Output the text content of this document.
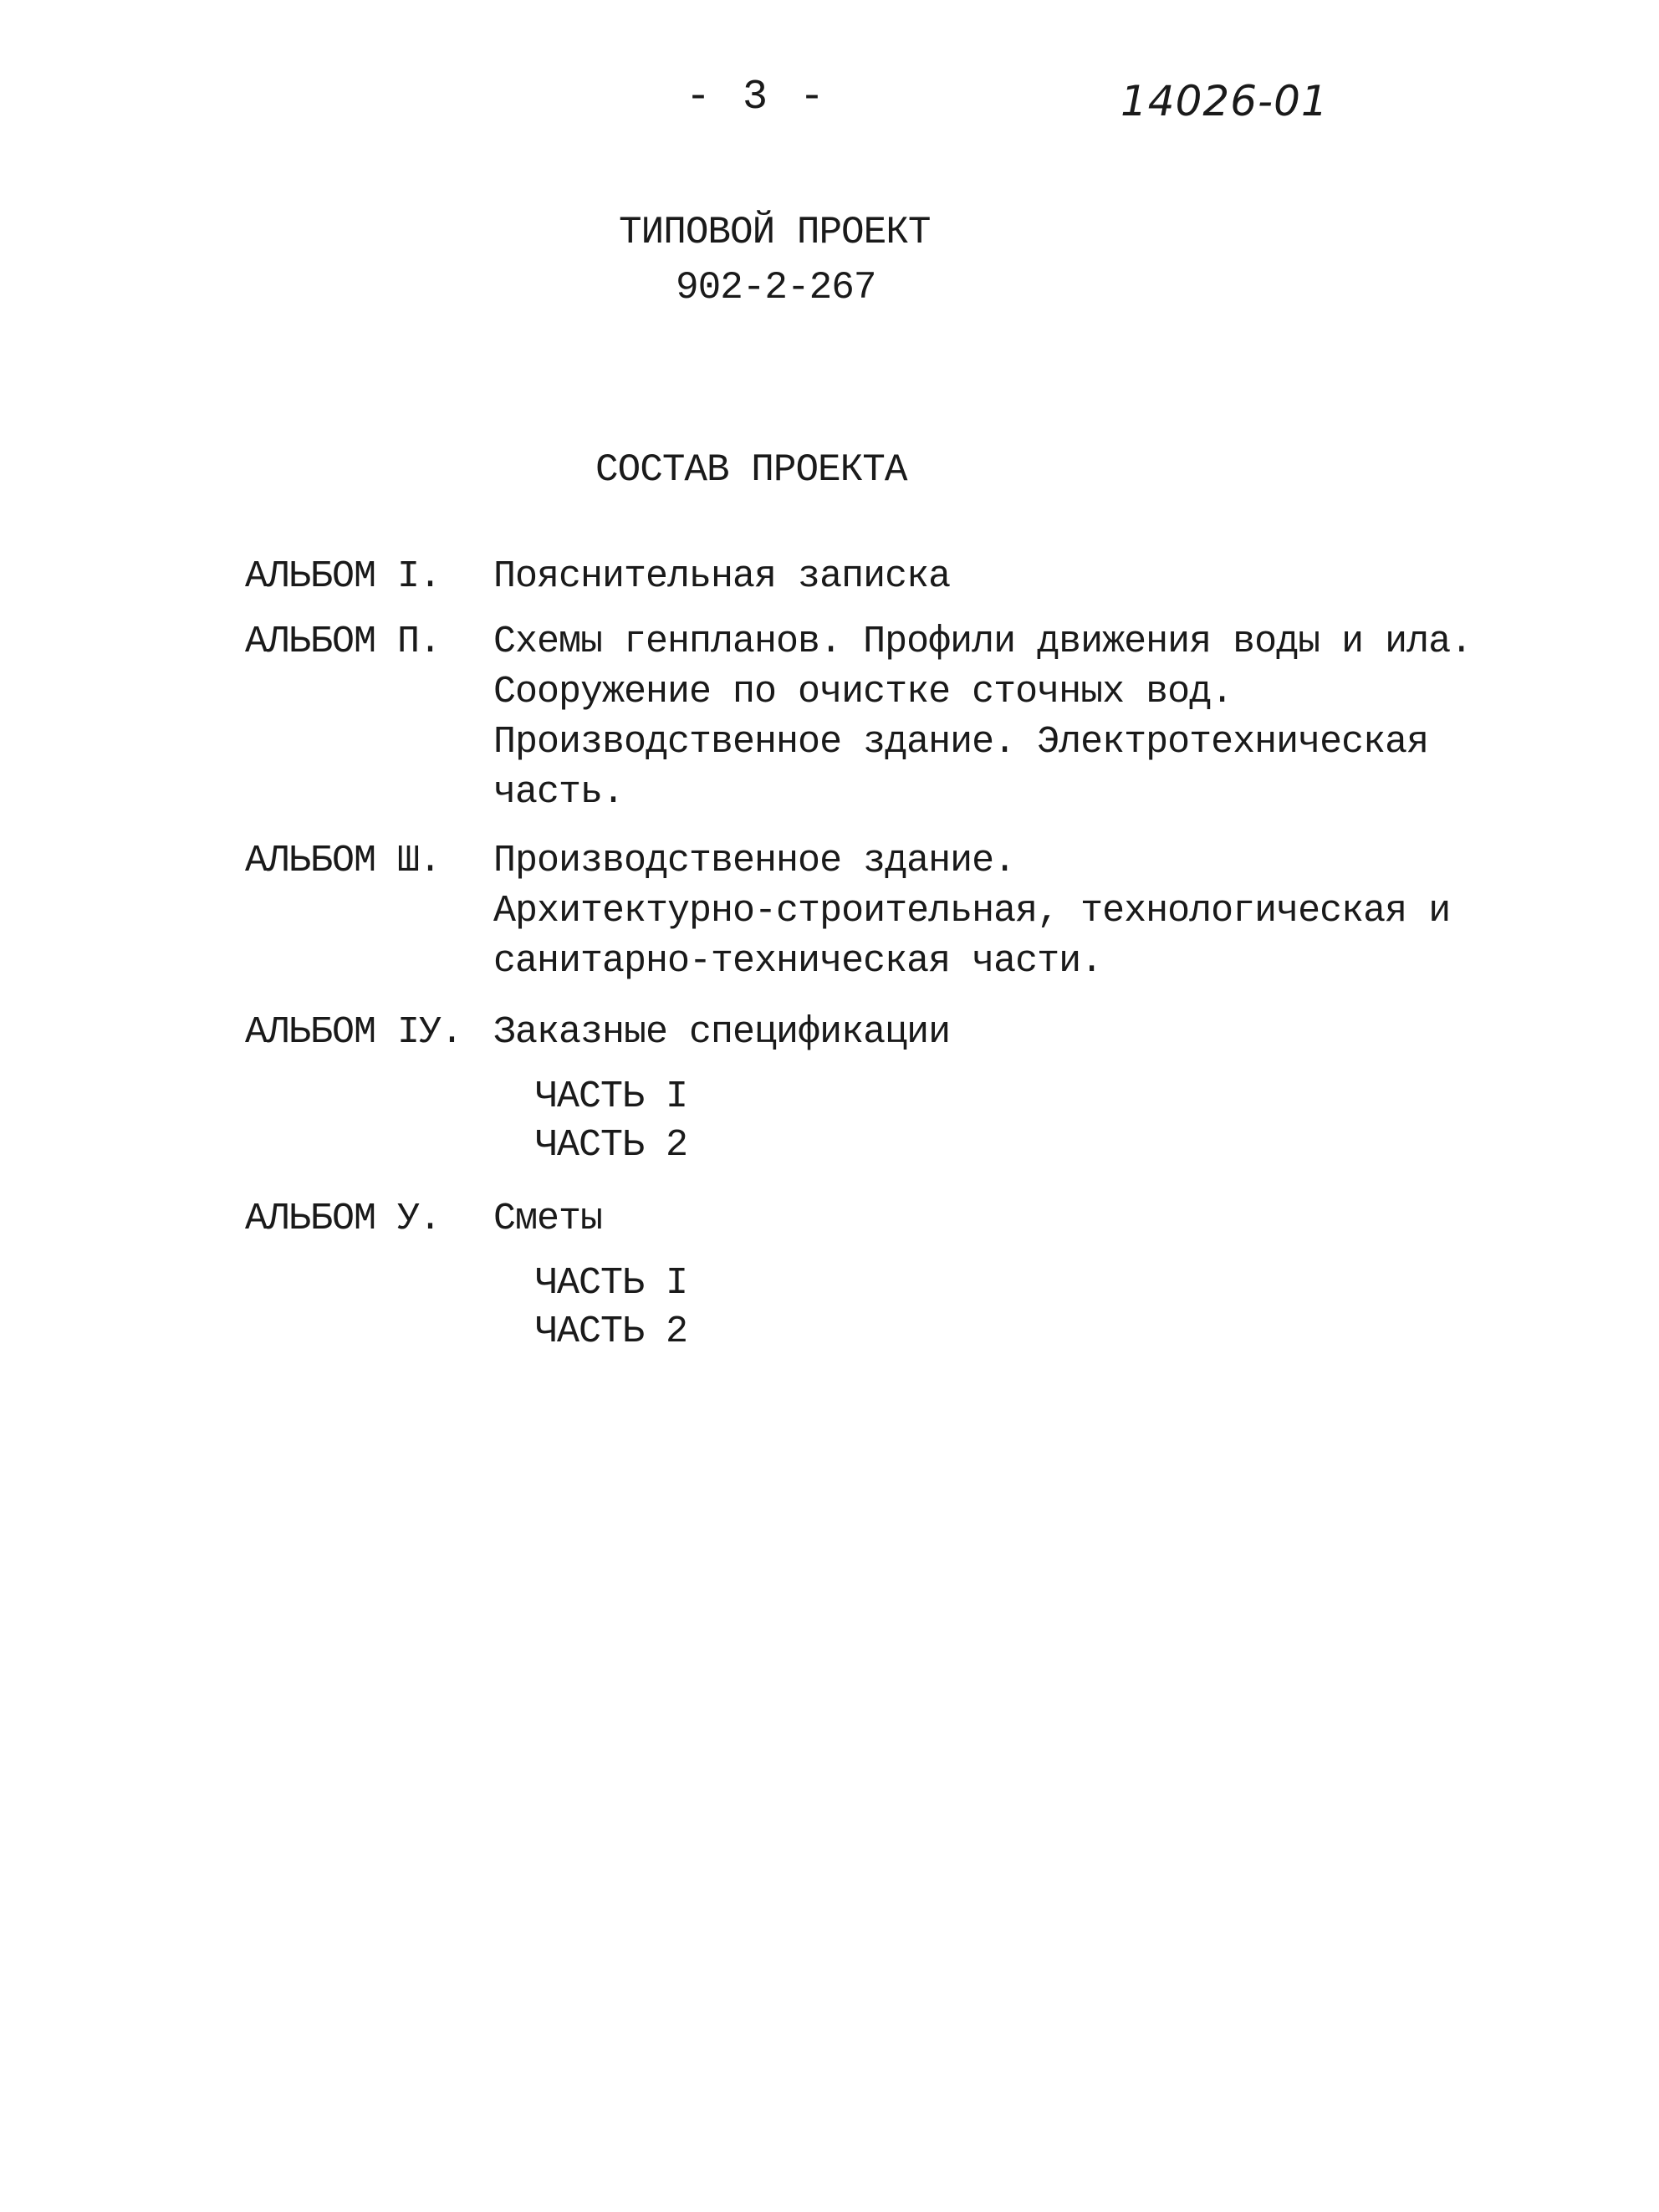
- 3 -	14026-01
ТИПОВОЙ ПРОЕКТ
902-2-267
СОСТАВ ПРОЕКТА
АЛЬБОМ I. Пояснительная записка
АЛЬБОМ П. Схемы генпланов. Профили движения воды и ила.
Сооружение по очистке сточных вод.
Производственное здание. Электротехническая
часть.
АЛЬБОМ Ш. Производственное здание.
Архитектурно-строительная, технологическая и
санитарно-техническая части.
АЛЬБОМ IУ. Заказные спецификации
ЧАСТЬ I
ЧАСТЬ 2
АЛЬБОМ У. Сметы
ЧАСТЬ I
ЧАСТЬ 2
